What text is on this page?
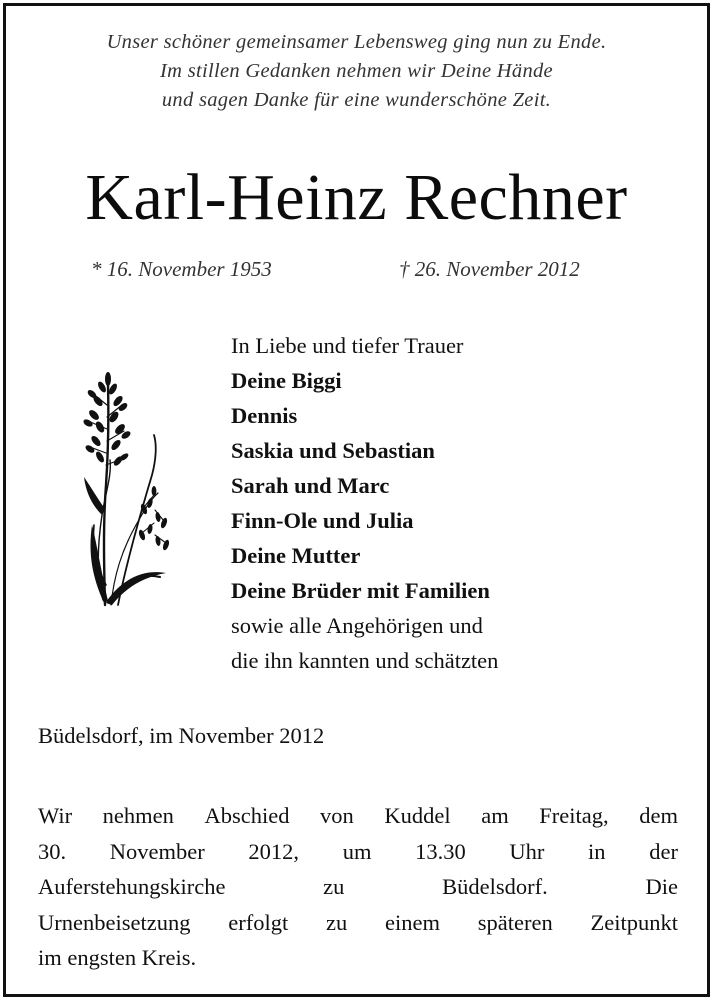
Unser schöner gemeinsamer Lebensweg ging nun zu Ende.
Im stillen Gedanken nehmen wir Deine Hände
und sagen Danke für eine wunderschöne Zeit.
Karl-Heinz Rechner
* 16. November 1953	† 26. November 2012
In Liebe und tiefer Trauer
Deine Biggi
Dennis
Saskia und Sebastian
Sarah und Marc
Finn-Ole und Julia
Deine Mutter
Deine Brüder mit Familien
sowie alle Angehörigen und
die ihn kannten und schätzten
Büdelsdorf, im November 2012
Wir nehmen Abschied von Kuddel am Freitag, dem
30. November 2012, um 13.30 Uhr in der
Auferstehungskirche	zu	Büdelsdorf.	Die
Urnenbeisetzung erfolgt zu einem späteren Zeitpunkt
im engsten Kreis.
